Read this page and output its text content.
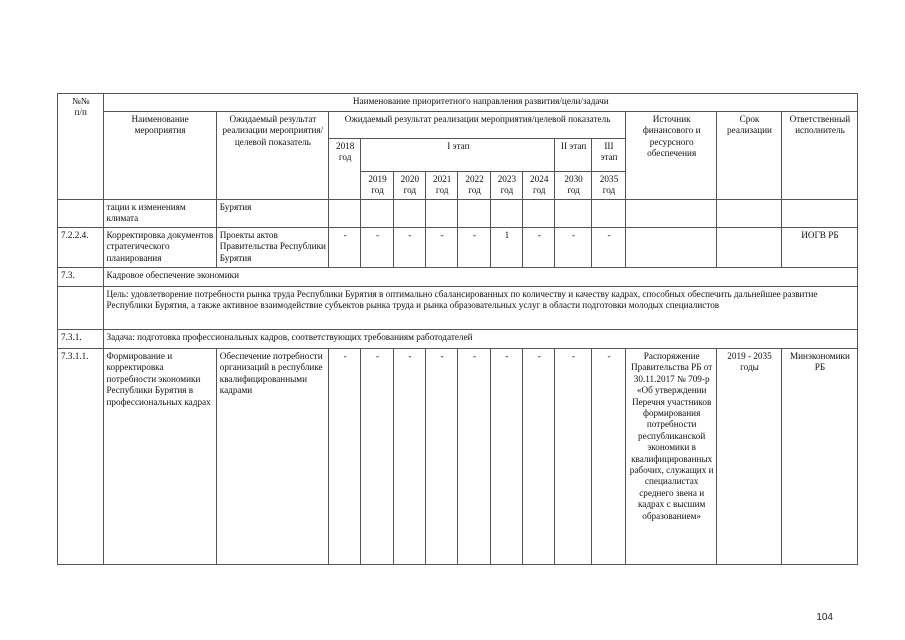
№№
п/п	Наименование приоритетного направления развития/цели/задачи													
	Наименование мероприятия	Ожидаемый результат реализации мероприятия/целевой показатель	Ожидаемый результат реализации мероприятия/целевой показатель									Источник финансового и ресурсного обеспечения	Срок реализации	Ответственный исполнитель
			2018 год	I этап						II этап	III этап			
				2019 год	2020 год	2021 год	2022 год	2023 год	2024 год	2030 год	2035 год			
	тации к изменениям климата	Бурятия												
7.2.2.4.	Корректировка документов стратегического планирования	Проекты актов Правительства Республики Бурятия	-	-	-	-	-	1	-	-	-			ИОГВ РБ
7.3.	Кадровое обеспечение экономики													
	Цель: удовлетворение потребности рынка труда Республики Бурятия в оптимально сбалансированных по количеству и качеству кадрах, способных обеспечить дальнейшее развитие Республики Бурятия, а также активное взаимодействие субъектов рынка труда и рынка образовательных услуг в области подготовки молодых специалистов													
7.3.1.	Задача: подготовка профессиональных кадров, соответствующих требованиям работодателей													
7.3.1.1.	Формирование и корректировка потребности экономики Республики Бурятия в профессиональных кадрах	Обеспечение потребности организаций в республике квалифицированными кадрами	-	-	-	-	-	-	-	-	-	Распоряжение Правительства РБ от 30.11.2017 № 709-р «Об утверждении Перечня участников формирования потребности республиканской экономики в квалифицированных рабочих, служащих и специалистах среднего звена и кадрах с высшим образованием»	2019 - 2035 годы	Минэкономики РБ
104
